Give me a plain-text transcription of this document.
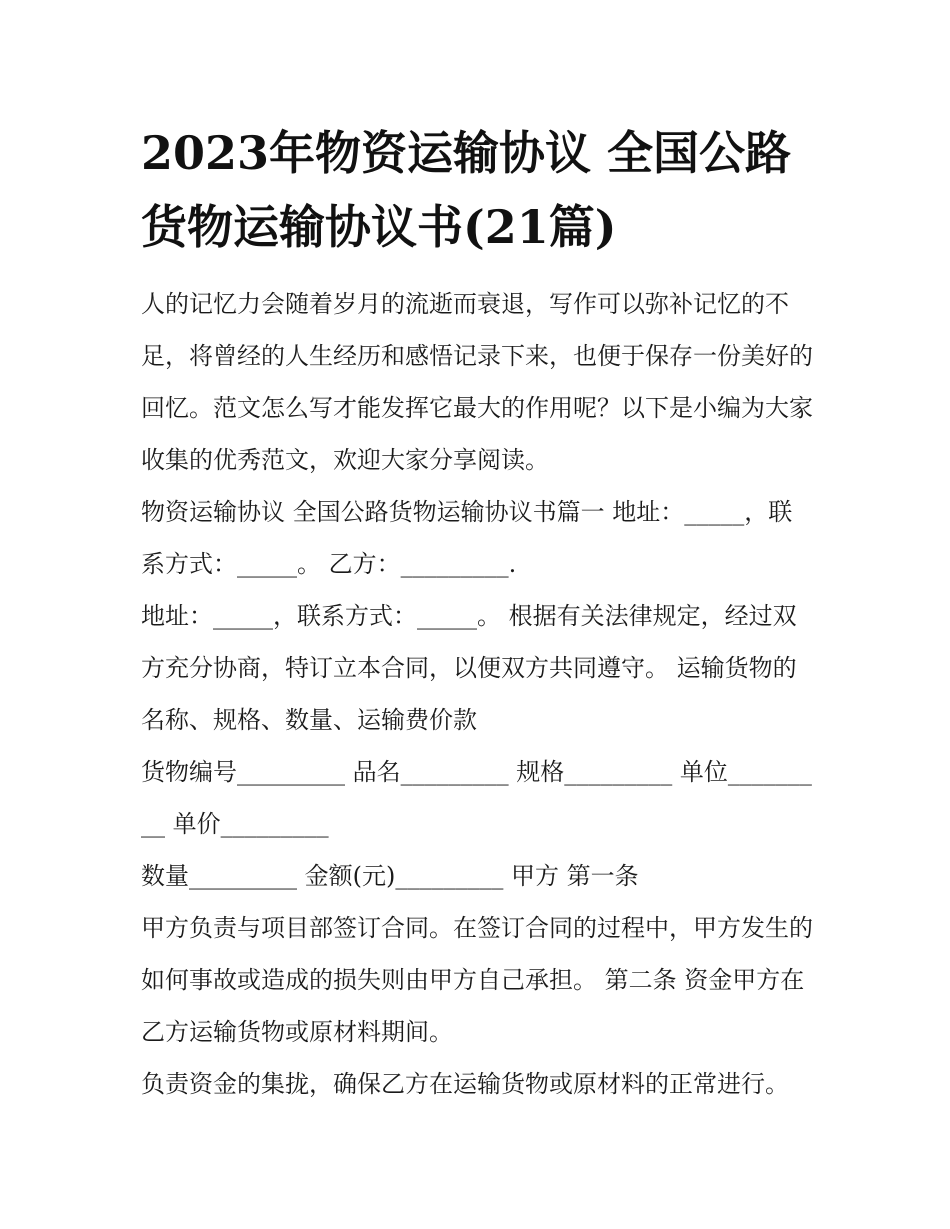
2023年物资运输协议 全国公路货物运输协议书(21篇)

人的记忆力会随着岁月的流逝而衰退，写作可以弥补记忆的不足，将曾经的人生经历和感悟记录下来，也便于保存一份美好的回忆。范文怎么写才能发挥它最大的作用呢？以下是小编为大家收集的优秀范文，欢迎大家分享阅读。

物资运输协议 全国公路货物运输协议书篇一 地址：_____，联系方式：_____。 乙方：_________.

地址：_____，联系方式：_____。 根据有关法律规定，经过双方充分协商，特订立本合同，以便双方共同遵守。 运输货物的名称、规格、数量、运输费价款

货物编号_________ 品名_________ 规格_________ 单位_________ 单价_________

数量_________ 金额(元)_________ 甲方 第一条

甲方负责与项目部签订合同。在签订合同的过程中，甲方发生的如何事故或造成的损失则由甲方自己承担。 第二条 资金甲方在乙方运输货物或原材料期间。

负责资金的集拢，确保乙方在运输货物或原材料的正常进行。
